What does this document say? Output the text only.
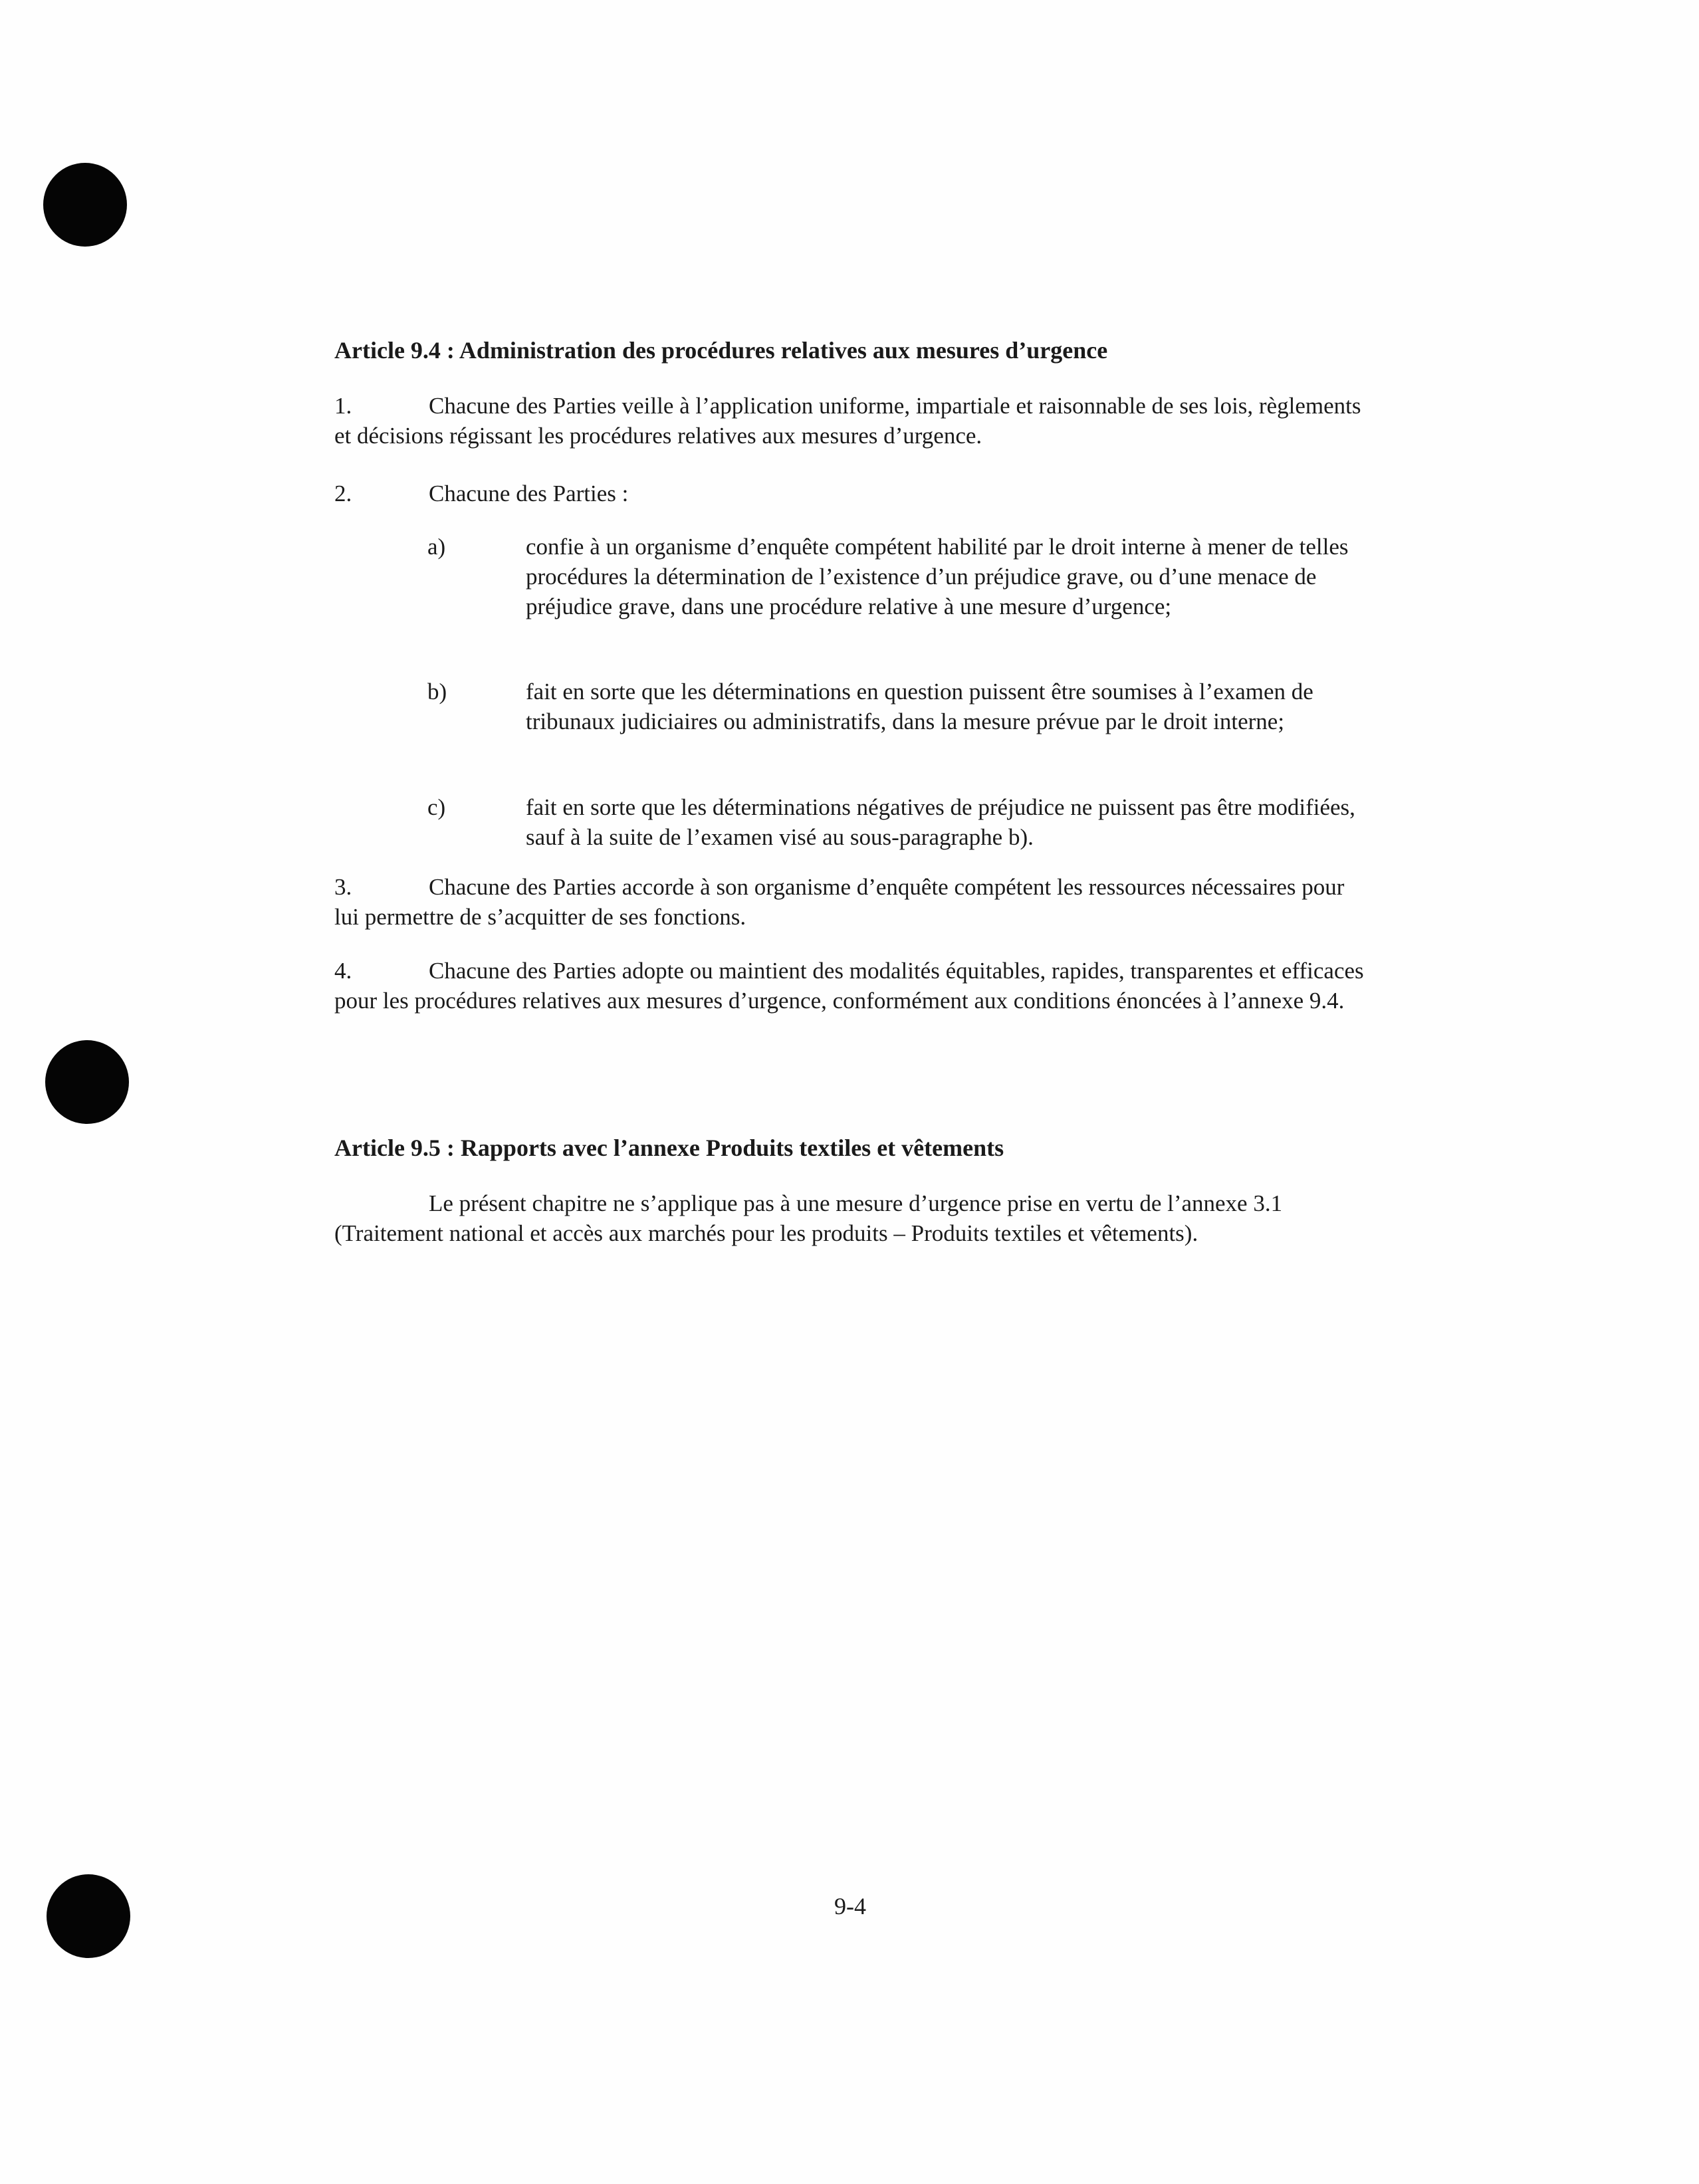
Article 9.4 : Administration des procédures relatives aux mesures d’urgence

1.	Chacune des Parties veille à l’application uniforme, impartiale et raisonnable de ses lois, règlements et décisions régissant les procédures relatives aux mesures d’urgence.

2.	Chacune des Parties :

a)	confie à un organisme d’enquête compétent habilité par le droit interne à mener de telles procédures la détermination de l’existence d’un préjudice grave, ou d’une menace de préjudice grave, dans une procédure relative à une mesure d’urgence;
b)	fait en sorte que les déterminations en question puissent être soumises à l’examen de tribunaux judiciaires ou administratifs, dans la mesure prévue par le droit interne;
c)	fait en sorte que les déterminations négatives de préjudice ne puissent pas être modifiées, sauf à la suite de l’examen visé au sous-paragraphe b).

3.	Chacune des Parties accorde à son organisme d’enquête compétent les ressources nécessaires pour lui permettre de s’acquitter de ses fonctions.

4.	Chacune des Parties adopte ou maintient des modalités équitables, rapides, transparentes et efficaces pour les procédures relatives aux mesures d’urgence, conformément aux conditions énoncées à l’annexe 9.4.

Article 9.5 : Rapports avec l’annexe Produits textiles et vêtements

Le présent chapitre ne s’applique pas à une mesure d’urgence prise en vertu de l’annexe 3.1 (Traitement national et accès aux marchés pour les produits – Produits textiles et vêtements).

9-4
